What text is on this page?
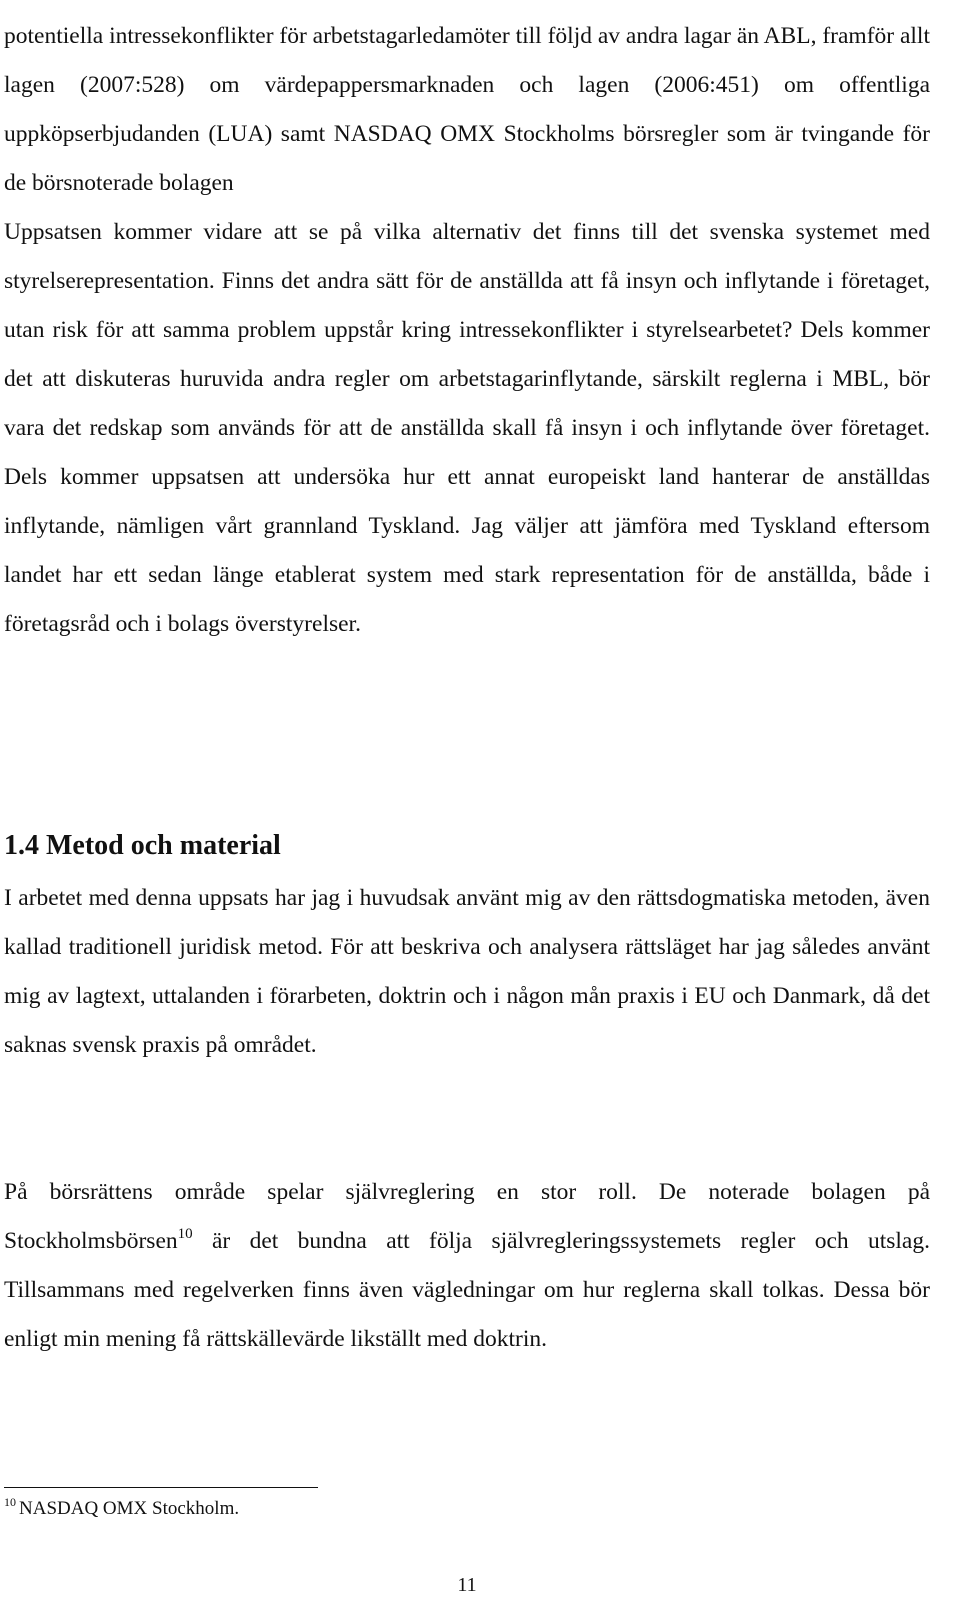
potentiella intressekonflikter för arbetstagarledamöter till följd av andra lagar än ABL, framför allt lagen (2007:528) om värdepappersmarknaden och lagen (2006:451) om offentliga uppköpserbjudanden (LUA) samt NASDAQ OMX Stockholms börsregler som är tvingande för de börsnoterade bolagen

Uppsatsen kommer vidare att se på vilka alternativ det finns till det svenska systemet med styrelserepresentation. Finns det andra sätt för de anställda att få insyn och inflytande i företaget, utan risk för att samma problem uppstår kring intressekonflikter i styrelsearbetet? Dels kommer det att diskuteras huruvida andra regler om arbetstagarinflytande, särskilt reglerna i MBL, bör vara det redskap som används för att de anställda skall få insyn i och inflytande över företaget. Dels kommer uppsatsen att undersöka hur ett annat europeiskt land hanterar de anställdas inflytande, nämligen vårt grannland Tyskland. Jag väljer att jämföra med Tyskland eftersom landet har ett sedan länge etablerat system med stark representation för de anställda, både i företagsråd och i bolags överstyrelser.

1.4 Metod och material

I arbetet med denna uppsats har jag i huvudsak använt mig av den rättsdogmatiska metoden, även kallad traditionell juridisk metod. För att beskriva och analysera rättsläget har jag således använt mig av lagtext, uttalanden i förarbeten, doktrin och i någon mån praxis i EU och Danmark, då det saknas svensk praxis på området.

På börsrättens område spelar självreglering en stor roll. De noterade bolagen på Stockholmsbörsen$^{10}$ är det bundna att följa självregleringssystemets regler och utslag. Tillsammans med regelverken finns även vägledningar om hur reglerna skall tolkas. Dessa bör enligt min mening få rättskällevärde likställt med doktrin.

$^{10}$ NASDAQ OMX Stockholm.

11
